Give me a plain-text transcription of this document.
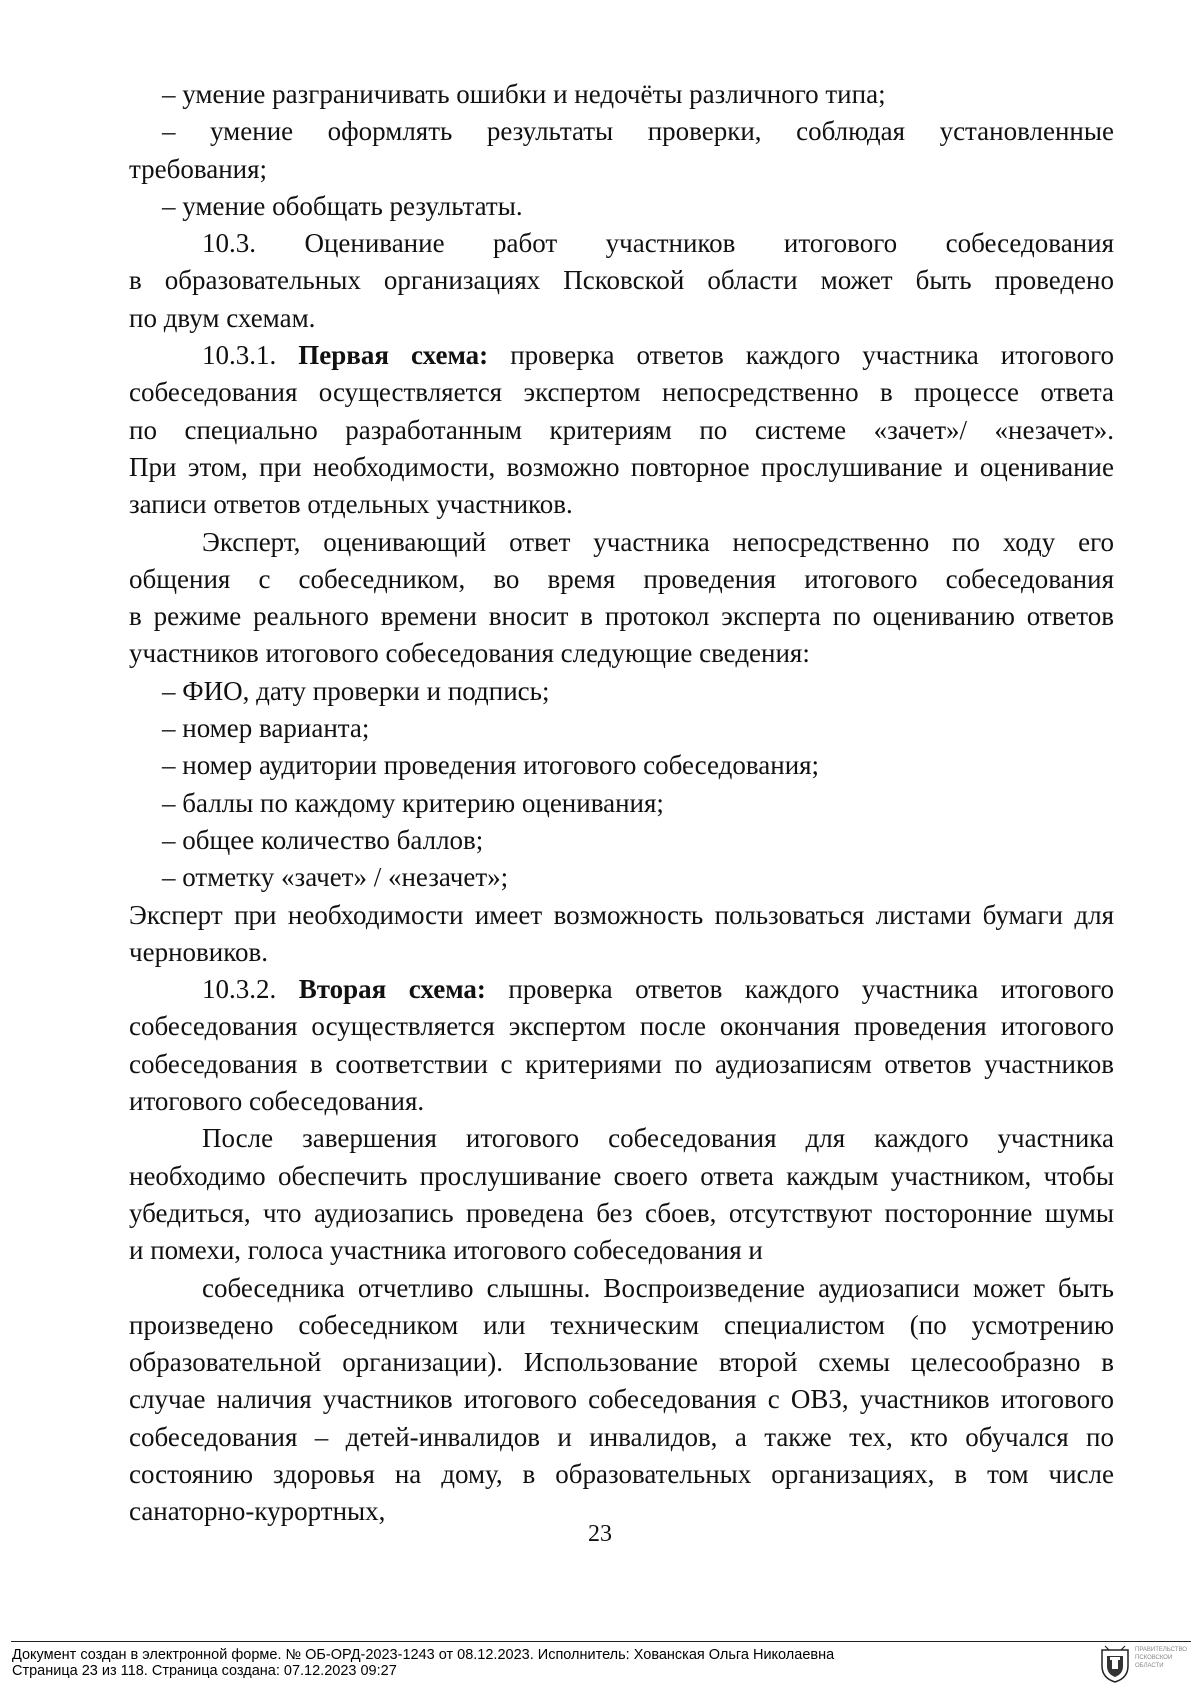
– умение разграничивать ошибки и недочёты различного типа;
– умение оформлять результаты проверки, соблюдая установленные
требования;
– умение обобщать результаты.
10.3. Оценивание работ участников итогового собеседования
в образовательных организациях Псковской области может быть проведено
по двум схемам.
10.3.1. Первая схема: проверка ответов каждого участника итогового
собеседования осуществляется экспертом непосредственно в процессе ответа
по специально разработанным критериям по системе «зачет»/ «незачет».
При этом, при необходимости, возможно повторное прослушивание и оценивание
записи ответов отдельных участников.
Эксперт, оценивающий ответ участника непосредственно по ходу его
общения с собеседником, во время проведения итогового собеседования
в режиме реального времени вносит в протокол эксперта по оцениванию ответов
участников итогового собеседования следующие сведения:
– ФИО, дату проверки и подпись;
– номер варианта;
– номер аудитории проведения итогового собеседования;
– баллы по каждому критерию оценивания;
– общее количество баллов;
– отметку «зачет» / «незачет»;
Эксперт при необходимости имеет возможность пользоваться листами бумаги для
черновиков.
10.3.2. Вторая схема: проверка ответов каждого участника итогового
собеседования осуществляется экспертом после окончания проведения итогового
собеседования в соответствии с критериями по аудиозаписям ответов участников
итогового собеседования.
После завершения итогового собеседования для каждого участника
необходимо обеспечить прослушивание своего ответа каждым участником, чтобы
убедиться, что аудиозапись проведена без сбоев, отсутствуют посторонние шумы
и помехи, голоса участника итогового собеседования и
собеседника отчетливо слышны. Воспроизведение аудиозаписи может быть
произведено собеседником или техническим специалистом (по усмотрению
образовательной организации). Использование второй схемы целесообразно в
случае наличия участников итогового собеседования с ОВЗ, участников итогового
собеседования – детей-инвалидов и инвалидов, а также тех, кто обучался по
состоянию здоровья на дому, в образовательных организациях, в том числе
санаторно-курортных,
23
Документ создан в электронной форме. № ОБ-ОРД-2023-1243 от 08.12.2023. Исполнитель: Хованская Ольга Николаевна
Страница 23 из 118. Страница создана: 07.12.2023 09:27
ПРАВИТЕЛЬСТВО
ПСКОВСКОЙ
ОБЛАСТИ
